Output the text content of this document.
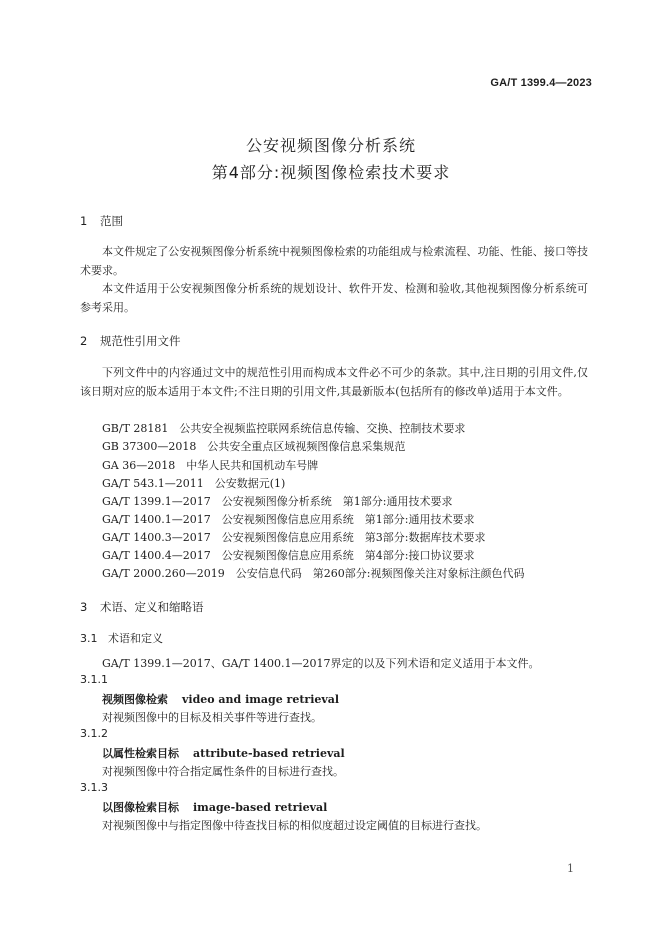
GA/T 1399.4—2023
公安视频图像分析系统
第4部分:视频图像检索技术要求
1 范围
本文件规定了公安视频图像分析系统中视频图像检索的功能组成与检索流程、功能、性能、接口等技术要求。
本文件适用于公安视频图像分析系统的规划设计、软件开发、检测和验收,其他视频图像分析系统可参考采用。
2 规范性引用文件
下列文件中的内容通过文中的规范性引用而构成本文件必不可少的条款。其中,注日期的引用文件,仅该日期对应的版本适用于本文件;不注日期的引用文件,其最新版本(包括所有的修改单)适用于本文件。
GB/T 28181　公共安全视频监控联网系统信息传输、交换、控制技术要求
GB 37300—2018　公共安全重点区域视频图像信息采集规范
GA 36—2018　中华人民共和国机动车号牌
GA/T 543.1—2011　公安数据元(1)
GA/T 1399.1—2017　公安视频图像分析系统　第1部分:通用技术要求
GA/T 1400.1—2017　公安视频图像信息应用系统　第1部分:通用技术要求
GA/T 1400.3—2017　公安视频图像信息应用系统　第3部分:数据库技术要求
GA/T 1400.4—2017　公安视频图像信息应用系统　第4部分:接口协议要求
GA/T 2000.260—2019　公安信息代码　第260部分:视频图像关注对象标注颜色代码
3 术语、定义和缩略语
3.1 术语和定义
GA/T 1399.1—2017、GA/T 1400.1—2017界定的以及下列术语和定义适用于本文件。
3.1.1
视频图像检索 video and image retrieval
对视频图像中的目标及相关事件等进行查找。
3.1.2
以属性检索目标 attribute-based retrieval
对视频图像中符合指定属性条件的目标进行查找。
3.1.3
以图像检索目标 image-based retrieval
对视频图像中与指定图像中待查找目标的相似度超过设定阈值的目标进行查找。
1
